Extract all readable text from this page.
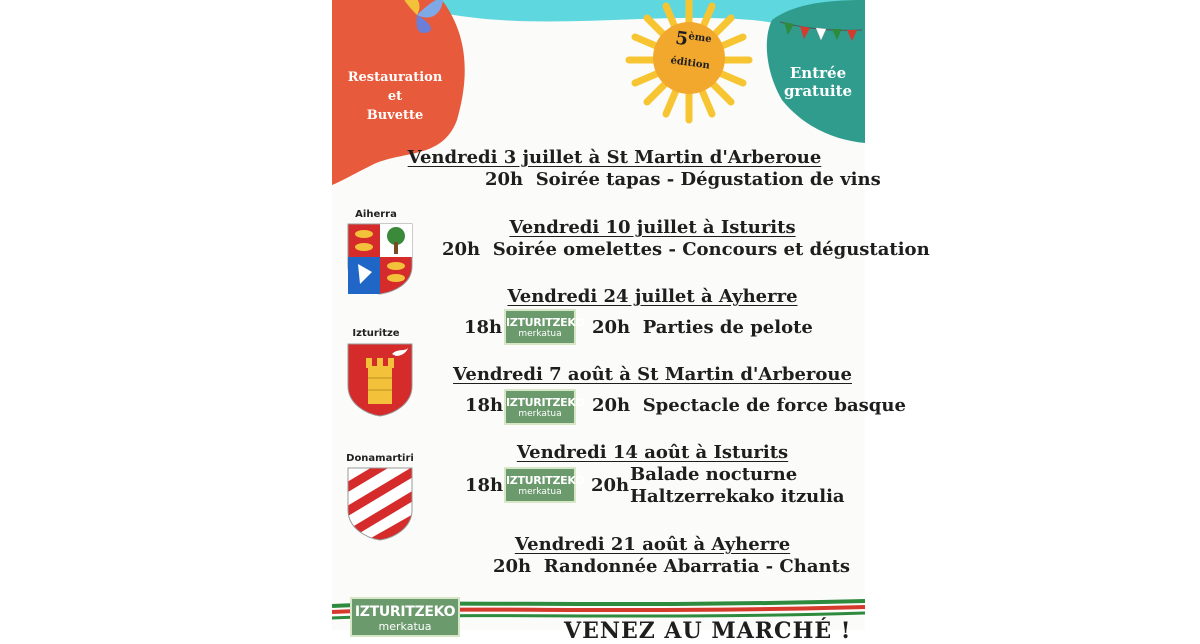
Restauration
et
Buvette
5ème
édition
Entrée
gratuite
Aiherra
Izturitze
Donamartiri
Vendredi 3 juillet à St Martin d'Arberoue
20h Soirée tapas - Dégustation de vins
Vendredi 10 juillet à Isturits
20h Soirée omelettes - Concours et dégustation
Vendredi 24 juillet à Ayherre
18h IZTURITZEKO
merkatua	20h Parties de pelote
Vendredi 7 août à St Martin d'Arberoue
18h IZTURITZEKO
merkatua	20h Spectacle de force basque
Vendredi 14 août à Isturits
18h IZTURITZEKO
merkatua	20h
Balade nocturne
Haltzerrekako itzulia
Vendredi 21 août à Ayherre
20h Randonnée Abarratia - Chants
IZTURITZEKO
merkatua	VENEZ AU MARCHÉ !
